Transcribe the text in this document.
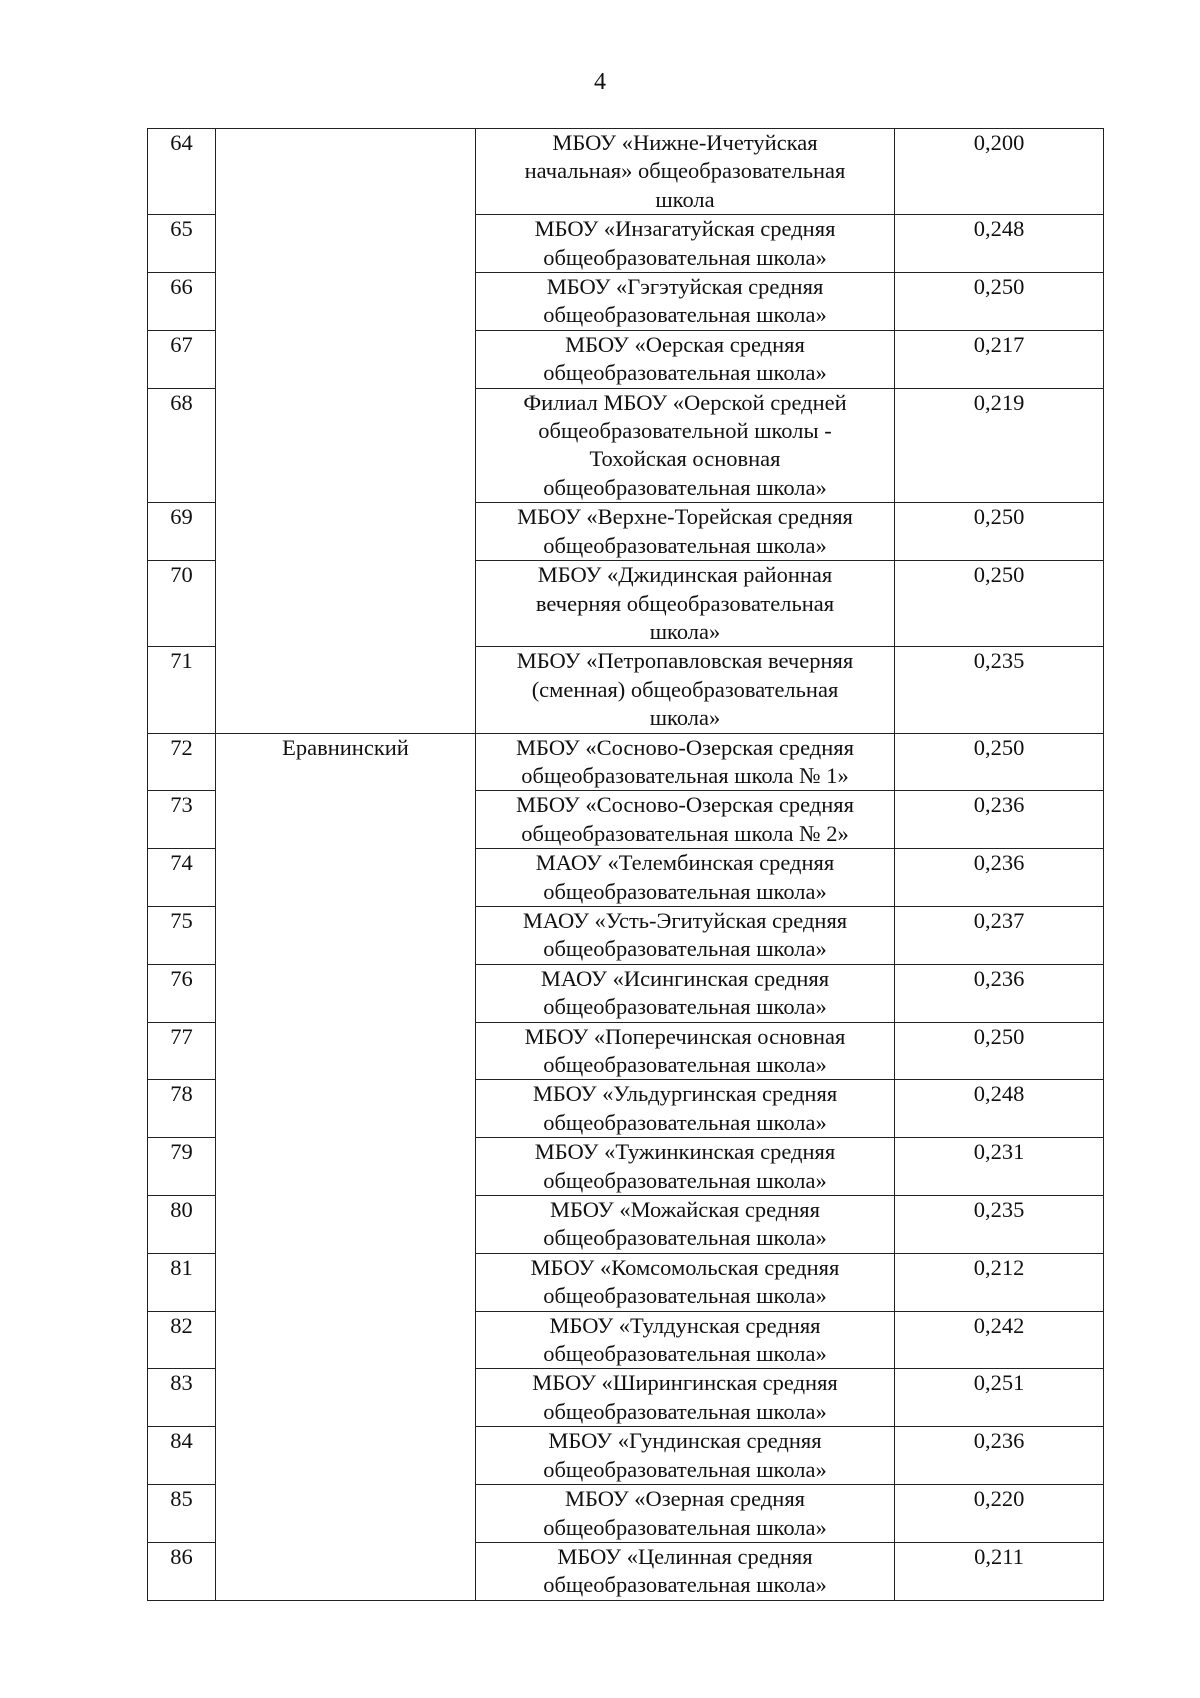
4
64		МБОУ «Нижне-Ичетуйская
начальная» общеобразовательная
школа	0,200
65		МБОУ «Инзагатуйская средняя
общеобразовательная школа»	0,248
66		МБОУ «Гэгэтуйская средняя
общеобразовательная школа»	0,250
67		МБОУ «Оерская средняя
общеобразовательная школа»	0,217
68		Филиал МБОУ «Оерской средней
общеобразовательной школы -
Тохойская основная
общеобразовательная школа»	0,219
69		МБОУ «Верхне-Торейская средняя
общеобразовательная школа»	0,250
70		МБОУ «Джидинская районная
вечерняя общеобразовательная
школа»	0,250
71		МБОУ «Петропавловская вечерняя
(сменная) общеобразовательная
школа»	0,235
72	Еравнинский	МБОУ «Сосново-Озерская средняя
общеобразовательная школа № 1»	0,250
73		МБОУ «Сосново-Озерская средняя
общеобразовательная школа № 2»	0,236
74		МАОУ «Телембинская средняя
общеобразовательная школа»	0,236
75		МАОУ «Усть-Эгитуйская средняя
общеобразовательная школа»	0,237
76		МАОУ «Исингинская средняя
общеобразовательная школа»	0,236
77		МБОУ «Поперечинская основная
общеобразовательная школа»	0,250
78		МБОУ «Ульдургинская средняя
общеобразовательная школа»	0,248
79		МБОУ «Тужинкинская средняя
общеобразовательная школа»	0,231
80		МБОУ «Можайская средняя
общеобразовательная школа»	0,235
81		МБОУ «Комсомольская средняя
общеобразовательная школа»	0,212
82		МБОУ «Тулдунская средняя
общеобразовательная школа»	0,242
83		МБОУ «Ширингинская средняя
общеобразовательная школа»	0,251
84		МБОУ «Гундинская средняя
общеобразовательная школа»	0,236
85		МБОУ «Озерная средняя
общеобразовательная школа»	0,220
86		МБОУ «Целинная средняя
общеобразовательная школа»	0,211
